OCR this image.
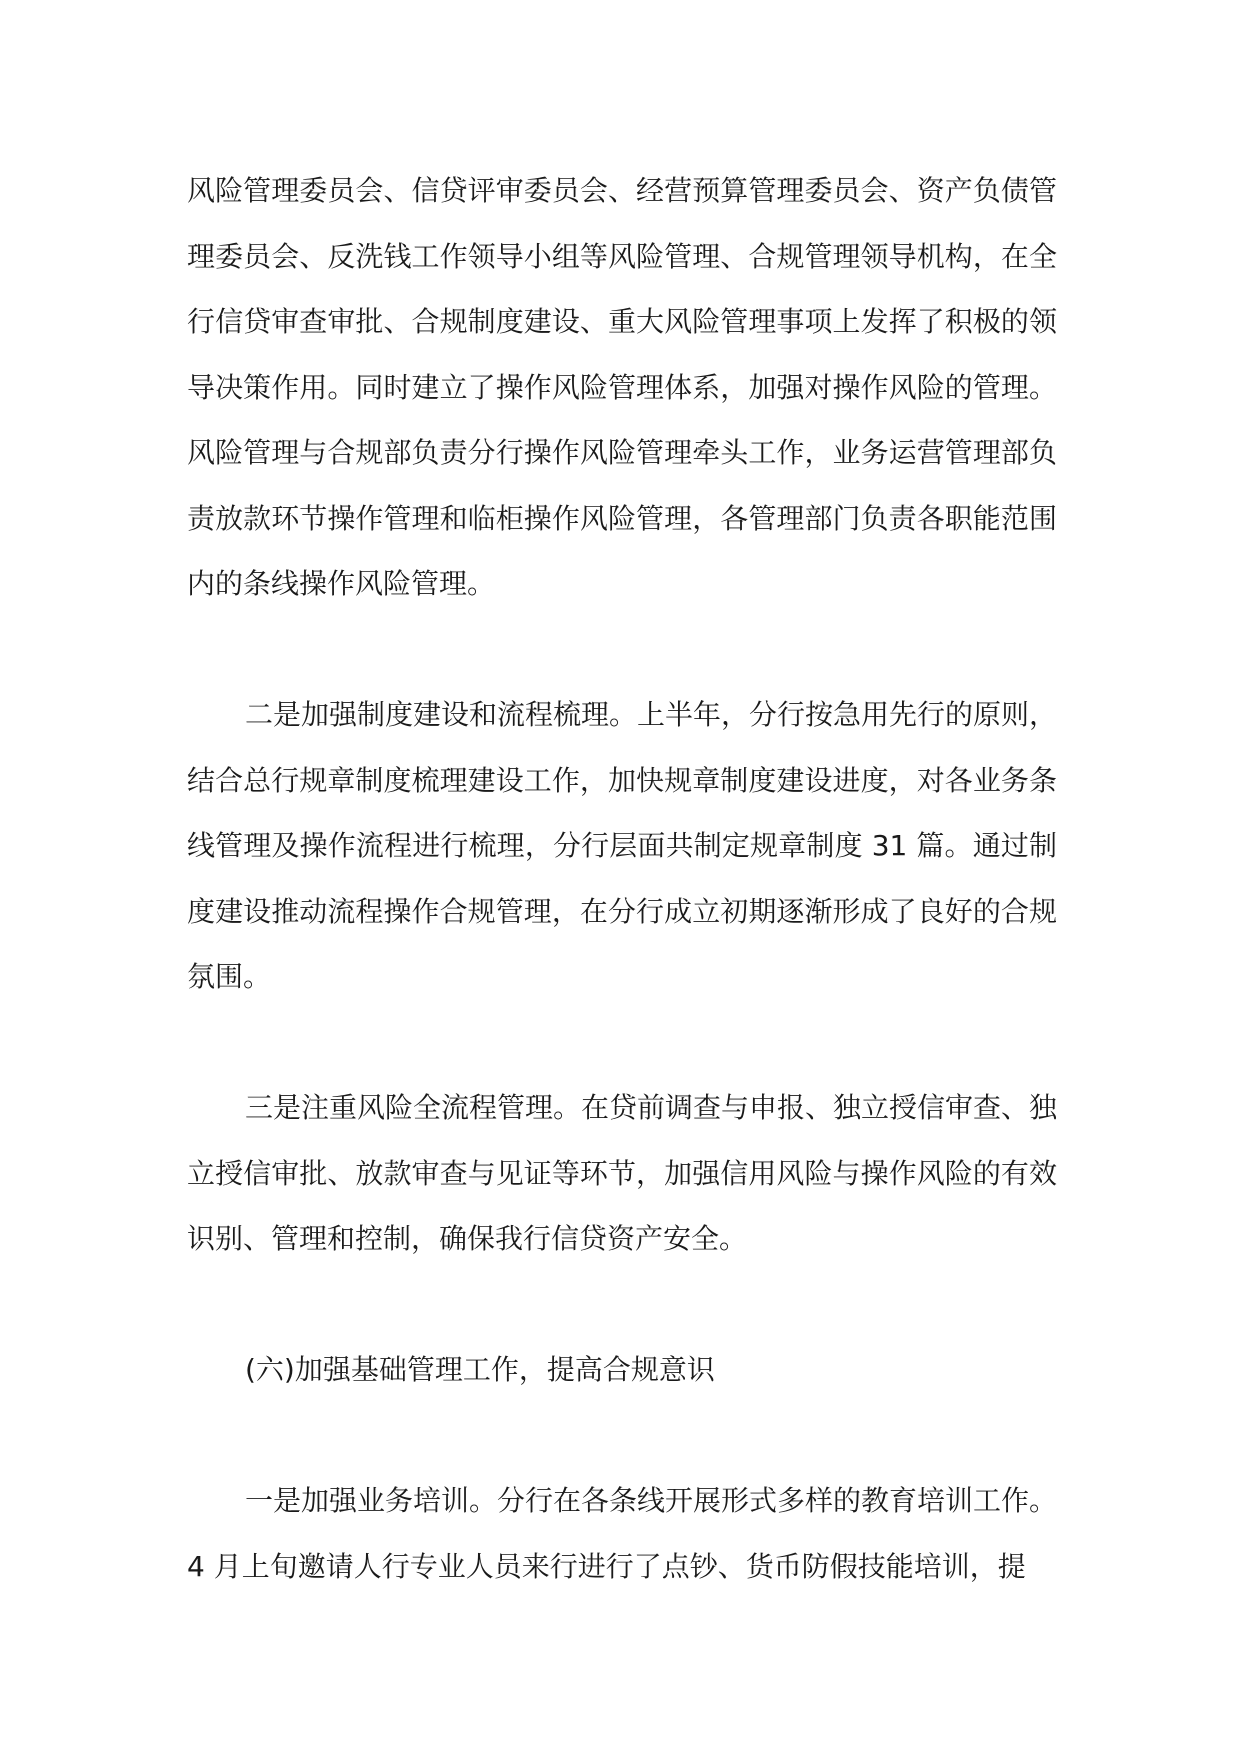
风险管理委员会、信贷评审委员会、经营预算管理委员会、资产负债管理委员会、反洗钱工作领导小组等风险管理、合规管理领导机构，在全行信贷审查审批、合规制度建设、重大风险管理事项上发挥了积极的领导决策作用。同时建立了操作风险管理体系，加强对操作风险的管理。风险管理与合规部负责分行操作风险管理牵头工作，业务运营管理部负责放款环节操作管理和临柜操作风险管理，各管理部门负责各职能范围内的条线操作风险管理。

二是加强制度建设和流程梳理。上半年，分行按急用先行的原则，结合总行规章制度梳理建设工作，加快规章制度建设进度，对各业务条线管理及操作流程进行梳理，分行层面共制定规章制度 31 篇。通过制度建设推动流程操作合规管理，在分行成立初期逐渐形成了良好的合规氛围。

三是注重风险全流程管理。在贷前调查与申报、独立授信审查、独立授信审批、放款审查与见证等环节，加强信用风险与操作风险的有效识别、管理和控制，确保我行信贷资产安全。

(六)加强基础管理工作，提高合规意识

一是加强业务培训。分行在各条线开展形式多样的教育培训工作。4 月上旬邀请人行专业人员来行进行了点钞、货币防假技能培训，提
